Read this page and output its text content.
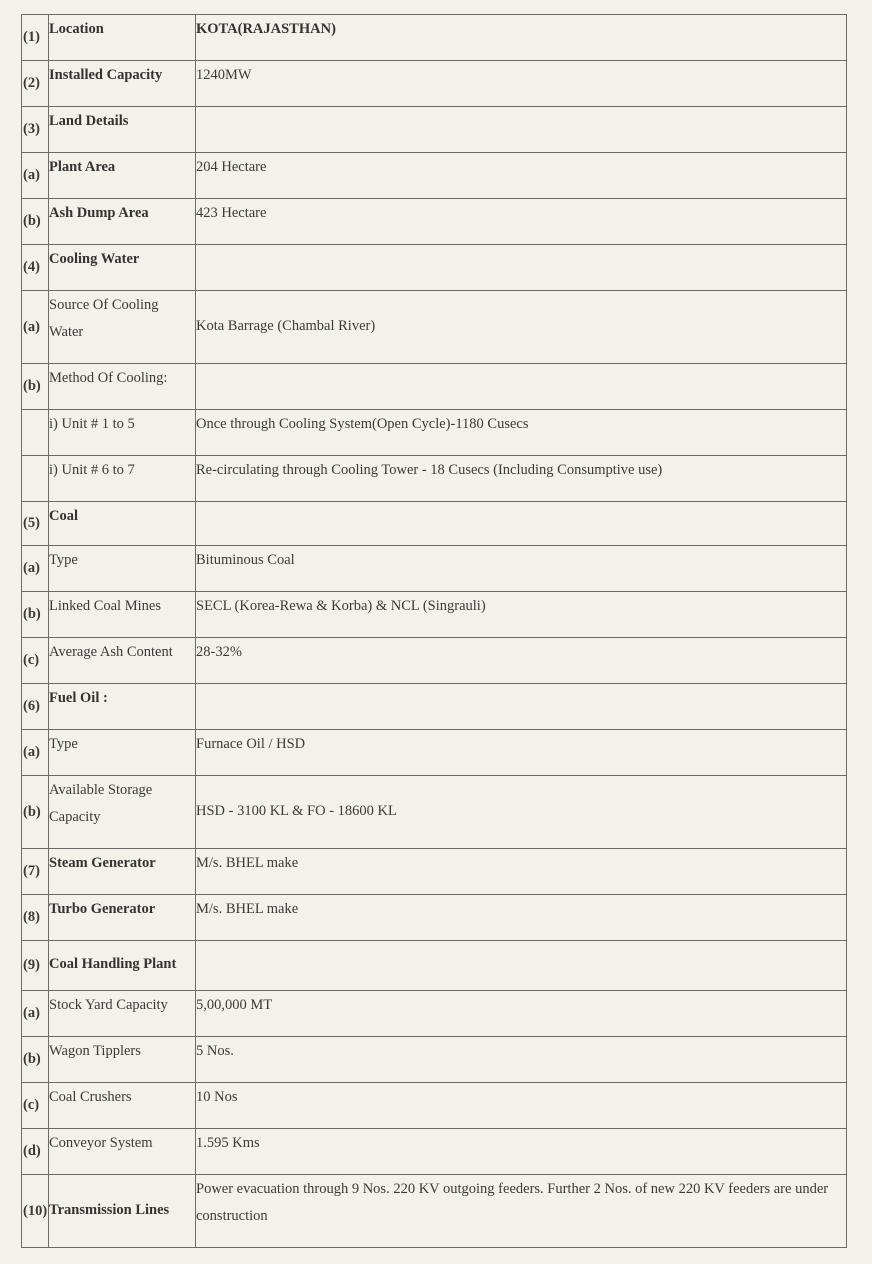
(1)	Location	KOTA(RAJASTHAN)

(2)	Installed Capacity	1240MW

(3)	Land Details	

(a)	Plant Area	204 Hectare

(b)	Ash Dump Area	423 Hectare

(4)	Cooling Water	

(a)	Source Of Cooling Water	Kota Barrage (Chambal River)

(b)	Method Of Cooling:	

	i) Unit # 1 to 5	Once through Cooling System(Open Cycle)-1180 Cusecs

	i) Unit # 6 to 7	Re-circulating through Cooling Tower - 18 Cusecs (Including Consumptive use)

(5)	Coal	

(a)	Type	Bituminous Coal

(b)	Linked Coal Mines	SECL (Korea-Rewa & Korba) & NCL (Singrauli)

(c)	Average Ash Content	28-32%

(6)	Fuel Oil :	

(a)	Type	Furnace Oil / HSD

(b)	Available Storage Capacity	HSD - 3100 KL & FO - 18600 KL

(7)	Steam Generator	M/s. BHEL make

(8)	Turbo Generator	M/s. BHEL make

(9)	Coal Handling Plant	

(a)	Stock Yard Capacity	5,00,000 MT

(b)	Wagon Tipplers	5 Nos.

(c)	Coal Crushers	10 Nos

(d)	Conveyor System	1.595 Kms

(10)	Transmission Lines	Power evacuation through 9 Nos. 220 KV outgoing feeders. Further 2 Nos. of new 220 KV feeders are under construction
